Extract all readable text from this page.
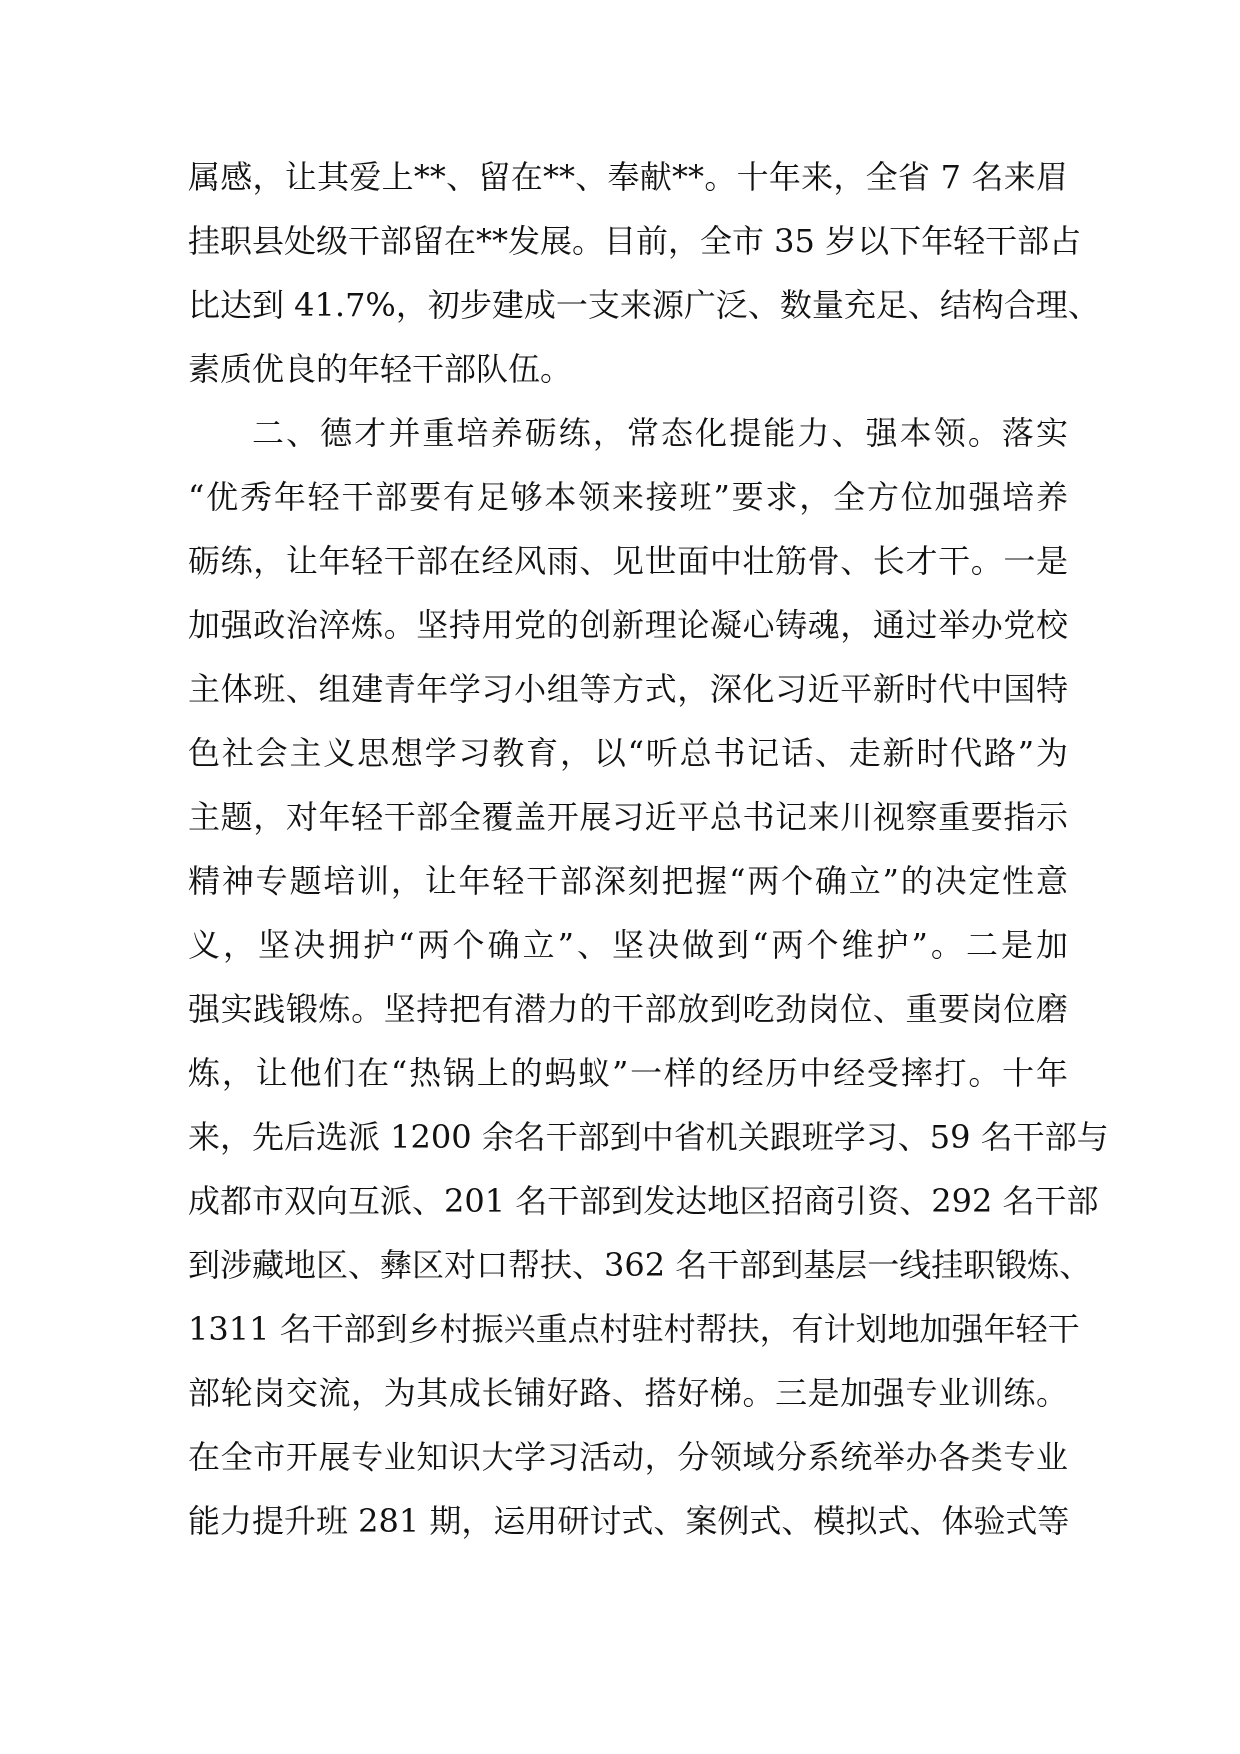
属感，让其爱上**、留在**、奉献**。十年来，全省 7 名来眉
挂职县处级干部留在**发展。目前，全市 35 岁以下年轻干部占
比达到 41.7%，初步建成一支来源广泛、数量充足、结构合理、
素质优良的年轻干部队伍。
二、德才并重培养砺练，常态化提能力、强本领。落实
“优秀年轻干部要有足够本领来接班”要求，全方位加强培养
砺练，让年轻干部在经风雨、见世面中壮筋骨、长才干。一是
加强政治淬炼。坚持用党的创新理论凝心铸魂，通过举办党校
主体班、组建青年学习小组等方式，深化习近平新时代中国特
色社会主义思想学习教育，以“听总书记话、走新时代路”为
主题，对年轻干部全覆盖开展习近平总书记来川视察重要指示
精神专题培训，让年轻干部深刻把握“两个确立”的决定性意
义，坚决拥护“两个确立”、坚决做到“两个维护”。二是加
强实践锻炼。坚持把有潜力的干部放到吃劲岗位、重要岗位磨
炼，让他们在“热锅上的蚂蚁”一样的经历中经受摔打。十年
来，先后选派 1200 余名干部到中省机关跟班学习、59 名干部与
成都市双向互派、201 名干部到发达地区招商引资、292 名干部
到涉藏地区、彝区对口帮扶、362 名干部到基层一线挂职锻炼、
1311 名干部到乡村振兴重点村驻村帮扶，有计划地加强年轻干
部轮岗交流，为其成长铺好路、搭好梯。三是加强专业训练。
在全市开展专业知识大学习活动，分领域分系统举办各类专业
能力提升班 281 期，运用研讨式、案例式、模拟式、体验式等
